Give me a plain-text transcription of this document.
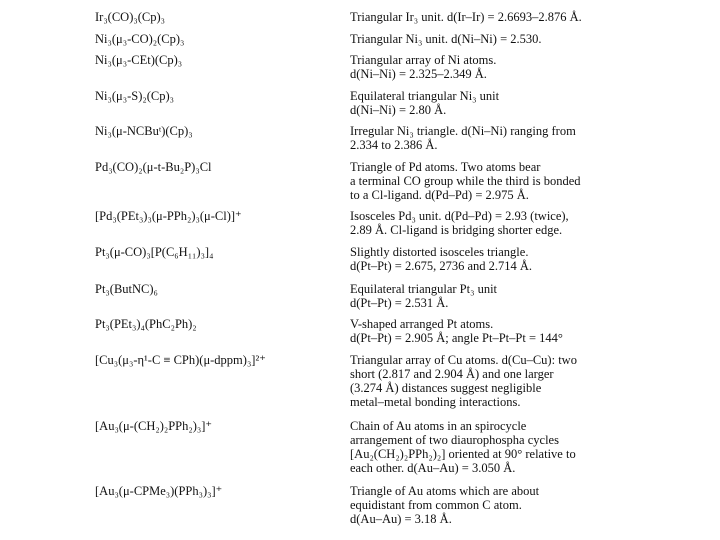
Ir₃(CO)₃(Cp)₃	Triangular Ir₃ unit. d(Ir–Ir) = 2.6693–2.876 Å.
Ni₃(μ₃-CO)₂(Cp)₃	Triangular Ni₃ unit. d(Ni–Ni) = 2.530.
Ni₃(μ₃-CEt)(Cp)₃	Triangular array of Ni atoms.
d(Ni–Ni) = 2.325–2.349 Å.
Ni₃(μ₃-S)₂(Cp)₃	Equilateral triangular Ni₃ unit
d(Ni–Ni) = 2.80 Å.
Ni₃(μ-NCBuᵗ)(Cp)₃	Irregular Ni₃ triangle. d(Ni–Ni) ranging from
2.334 to 2.386 Å.
Pd₃(CO)₂(μ-t-Bu₂P)₃Cl	Triangle of Pd atoms. Two atoms bear
a terminal CO group while the third is bonded
to a Cl-ligand. d(Pd–Pd) = 2.975 Å.
[Pd₃(PEt₃)₃(μ-PPh₂)₃(μ-Cl)]⁺	Isosceles Pd₃ unit. d(Pd–Pd) = 2.93 (twice),
2.89 Å. Cl-ligand is bridging shorter edge.
Pt₃(μ-CO)₃[P(C₆H₁₁)₃]₄	Slightly distorted isosceles triangle.
d(Pt–Pt) = 2.675, 2736 and 2.714 Å.
Pt₃(ButNC)₆	Equilateral triangular Pt₃ unit
d(Pt–Pt) = 2.531 Å.
Pt₃(PEt₃)₄(PhC₂Ph)₂	V-shaped arranged Pt atoms.
d(Pt–Pt) = 2.905 Å; angle Pt–Pt–Pt = 144°
[Cu₃(μ₃-η¹-C ≡ CPh)(μ-dppm)₃]²⁺	Triangular array of Cu atoms. d(Cu–Cu): two
short (2.817 and 2.904 Å) and one larger
(3.274 Å) distances suggest negligible
metal–metal bonding interactions.
[Au₃(μ-(CH₂)₂PPh₂)₃]⁺	Chain of Au atoms in an spirocycle
arrangement of two diaurophospha cycles
[Au₂(CH₂)₂PPh₂)₂] oriented at 90° relative to
each other. d(Au–Au) = 3.050 Å.
[Au₃(μ-CPMe₃)(PPh₃)₃]⁺	Triangle of Au atoms which are about
equidistant from common C atom.
d(Au–Au) = 3.18 Å.
